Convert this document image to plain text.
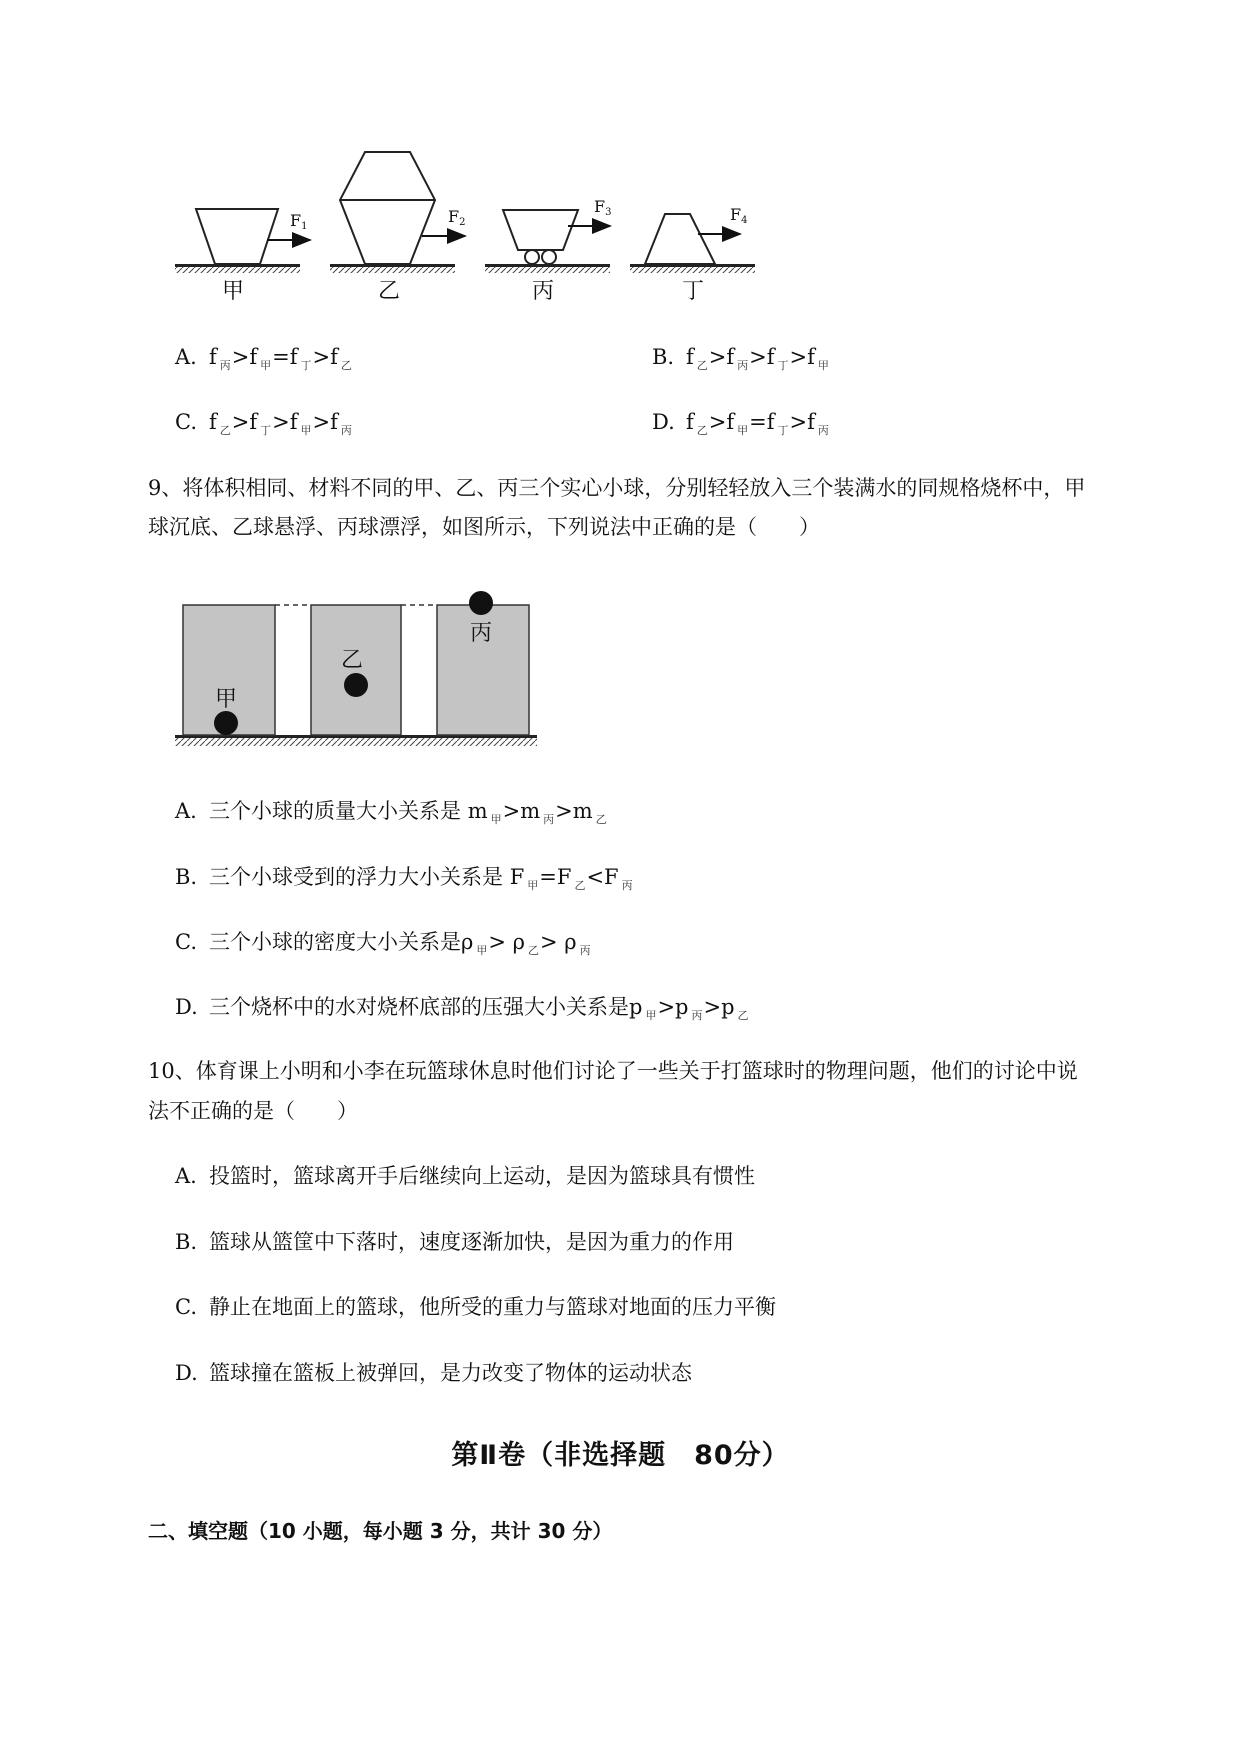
F1
甲
F2
乙
F3
丙
F4
丁
A. f $_丙$>f $_甲$=f $_丁$>f $_乙$	B. f $_乙$>f $_丙$>f $_丁$>f $_甲$
C. f $_乙$>f $_丁$>f $_甲$>f $_丙$	D. f $_乙$>f $_甲$=f $_丁$>f $_丙$
9、将体积相同、材料不同的甲、乙、丙三个实心小球，分别轻轻放入三个装满水的同规格烧杯中，甲
球沉底、乙球悬浮、丙球漂浮，如图所示，下列说法中正确的是（　　）
甲
乙
丙
A. 三个小球的质量大小关系是 m $_甲$>m $_丙$>m $_乙$
B. 三个小球受到的浮力大小关系是 F $_甲$=F $_乙$<F $_丙$
C. 三个小球的密度大小关系是ρ $_甲$> ρ $_乙$> ρ $_丙$
D. 三个烧杯中的水对烧杯底部的压强大小关系是p $_甲$>p $_丙$>p $_乙$
10、体育课上小明和小李在玩篮球休息时他们讨论了一些关于打篮球时的物理问题，他们的讨论中说
法不正确的是（　　）
A. 投篮时，篮球离开手后继续向上运动，是因为篮球具有惯性
B. 篮球从篮筐中下落时，速度逐渐加快，是因为重力的作用
C. 静止在地面上的篮球，他所受的重力与篮球对地面的压力平衡
D. 篮球撞在篮板上被弹回，是力改变了物体的运动状态
第Ⅱ卷（非选择题　80分）
二、填空题（10 小题，每小题 3 分，共计 30 分）
